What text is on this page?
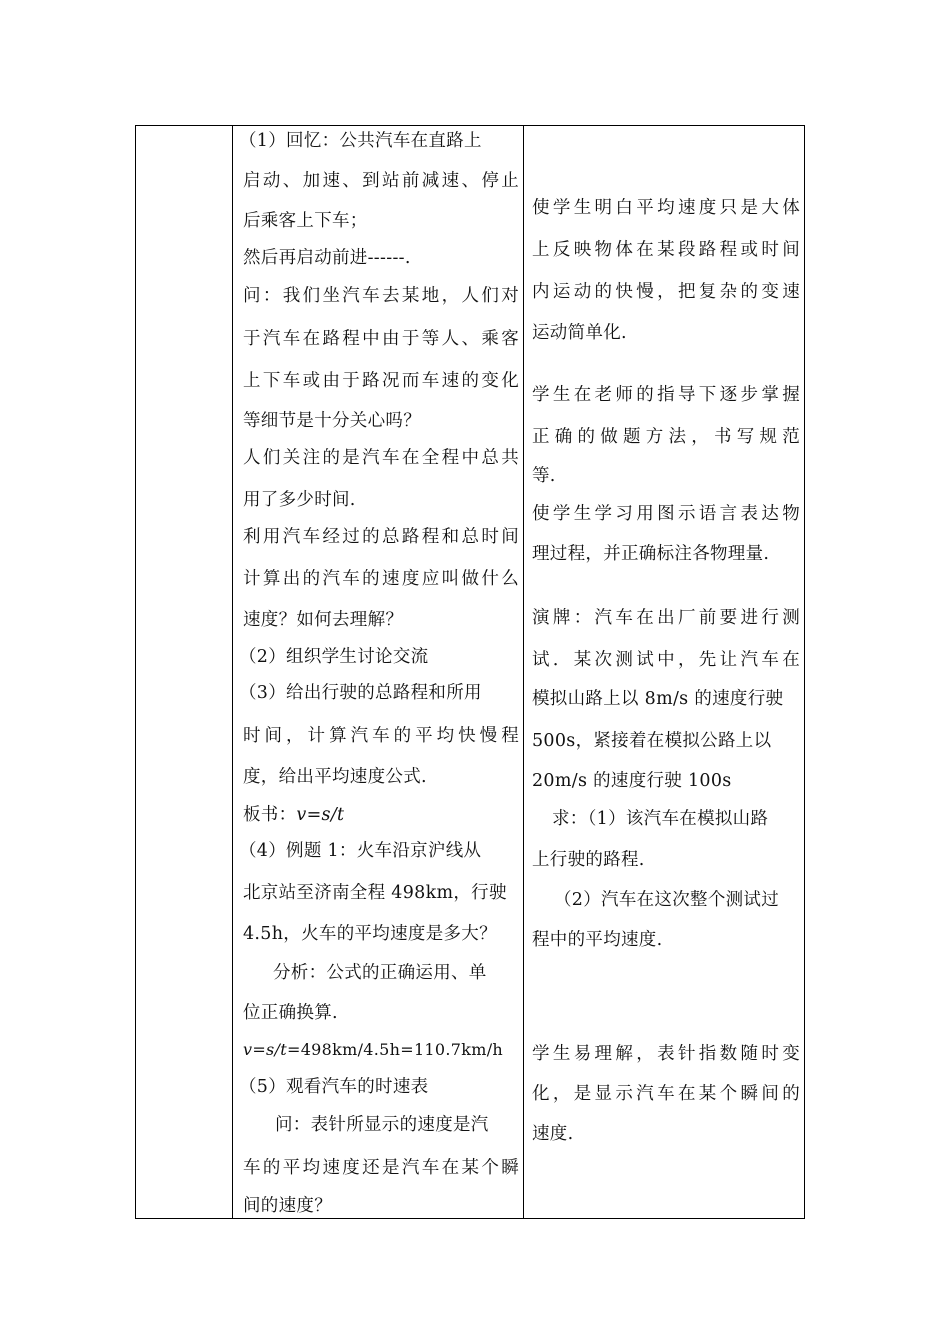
（1）回忆：公共汽车在直路上
启动、加速、到站前减速、停止
后乘客上下车；
然后再启动前进------.
问：我们坐汽车去某地，人们对
于汽车在路程中由于等人、乘客
上下车或由于路况而车速的变化
等细节是十分关心吗？
人们关注的是汽车在全程中总共
用了多少时间.
利用汽车经过的总路程和总时间
计算出的汽车的速度应叫做什么
速度？如何去理解？
（2）组织学生讨论交流
（3）给出行驶的总路程和所用
时间，计算汽车的平均快慢程
度，给出平均速度公式.
板书：v=s/t
（4）例题 1：火车沿京沪线从
北京站至济南全程 498km，行驶
4.5h，火车的平均速度是多大？
分析：公式的正确运用、单
位正确换算.
v=s/t=498km/4.5h=110.7km/h
（5）观看汽车的时速表
问：表针所显示的速度是汽
车的平均速度还是汽车在某个瞬
间的速度？
使学生明白平均速度只是大体
上反映物体在某段路程或时间
内运动的快慢，把复杂的变速
运动简单化.
学生在老师的指导下逐步掌握
正确的做题方法，书写规范
等.
使学生学习用图示语言表达物
理过程，并正确标注各物理量.
演牌：汽车在出厂前要进行测
试．某次测试中，先让汽车在
模拟山路上以 8m/s 的速度行驶
500s，紧接着在模拟公路上以
20m/s 的速度行驶 100s
求：（1）该汽车在模拟山路
上行驶的路程.
（2）汽车在这次整个测试过
程中的平均速度.
学生易理解，表针指数随时变
化，是显示汽车在某个瞬间的
速度.
